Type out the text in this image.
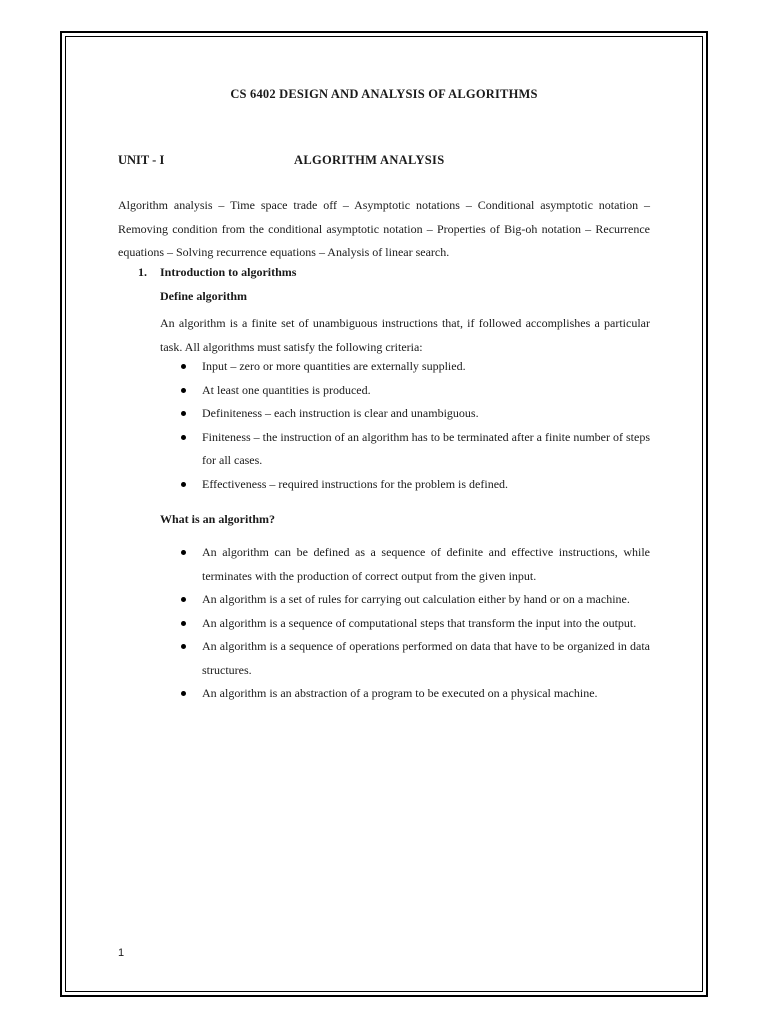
CS 6402 DESIGN AND ANALYSIS OF ALGORITHMS
UNIT - I	ALGORITHM ANALYSIS
Algorithm analysis – Time space trade off – Asymptotic notations – Conditional asymptotic notation – Removing condition from the conditional asymptotic notation – Properties of Big-oh notation – Recurrence equations – Solving recurrence equations – Analysis of linear search.
1. Introduction to algorithms
Define algorithm
An algorithm is a finite set of unambiguous instructions that, if followed accomplishes a particular task. All algorithms must satisfy the following criteria:
Input – zero or more quantities are externally supplied.
At least one quantities is produced.
Definiteness – each instruction is clear and unambiguous.
Finiteness – the instruction of an algorithm has to be terminated after a finite number of steps for all cases.
Effectiveness – required instructions for the problem is defined.
What is an algorithm?
An algorithm can be defined as a sequence of definite and effective instructions, while terminates with the production of correct output from the given input.
An algorithm is a set of rules for carrying out calculation either by hand or on a machine.
An algorithm is a sequence of computational steps that transform the input into the output.
An algorithm is a sequence of operations performed on data that have to be organized in data structures.
An algorithm is an abstraction of a program to be executed on a physical machine.
1
